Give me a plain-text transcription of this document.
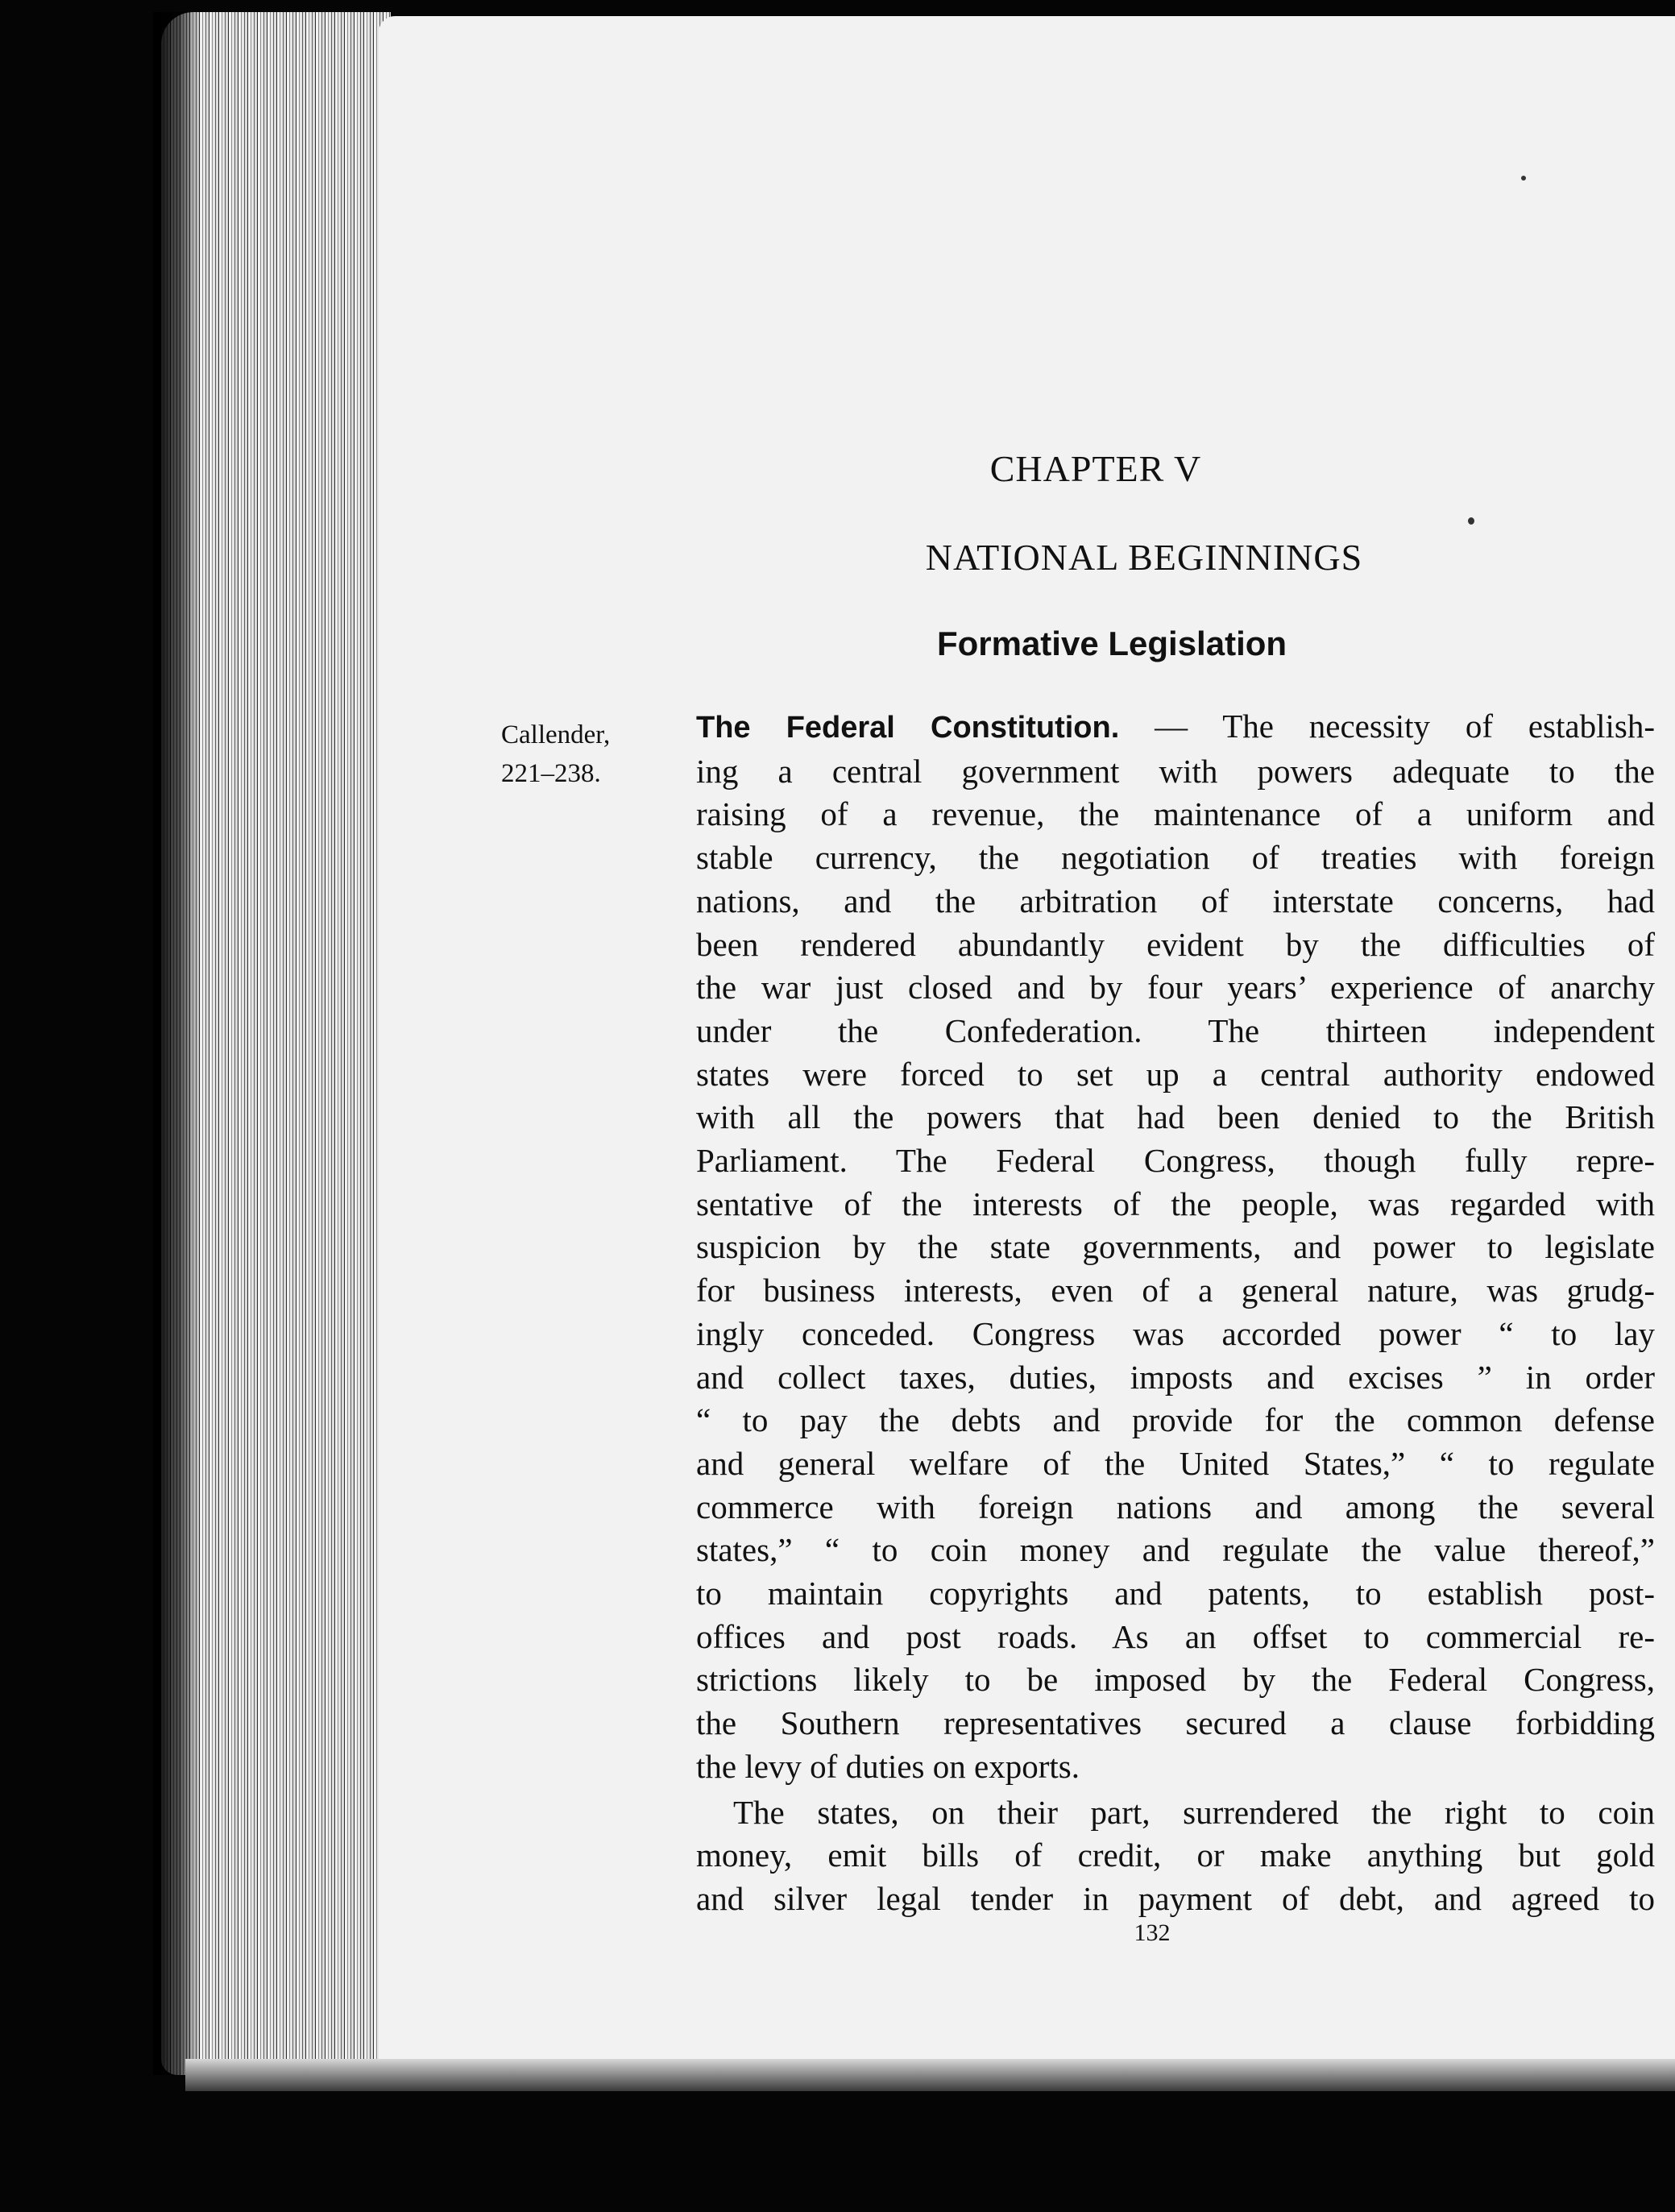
CHAPTER V
NATIONAL BEGINNINGS
Formative Legislation
Callender,
221–238.
The Federal Constitution. — The necessity of establish-
ing a central government with powers adequate to the
raising of a revenue, the maintenance of a uniform and
stable currency, the negotiation of treaties with foreign
nations, and the arbitration of interstate concerns, had
been rendered abundantly evident by the difficulties of
the war just closed and by four years’ experience of anarchy
under the Confederation. The thirteen independent
states were forced to set up a central authority endowed
with all the powers that had been denied to the British
Parliament. The Federal Congress, though fully repre-
sentative of the interests of the people, was regarded with
suspicion by the state governments, and power to legislate
for business interests, even of a general nature, was grudg-
ingly conceded. Congress was accorded power “ to lay
and collect taxes, duties, imposts and excises ” in order
“ to pay the debts and provide for the common defense
and general welfare of the United States,” “ to regulate
commerce with foreign nations and among the several
states,” “ to coin money and regulate the value thereof,”
to maintain copyrights and patents, to establish post-
offices and post roads. As an offset to commercial re-
strictions likely to be imposed by the Federal Congress,
the Southern representatives secured a clause forbidding
the levy of duties on exports.
The states, on their part, surrendered the right to coin
money, emit bills of credit, or make anything but gold
and silver legal tender in payment of debt, and agreed to
132
